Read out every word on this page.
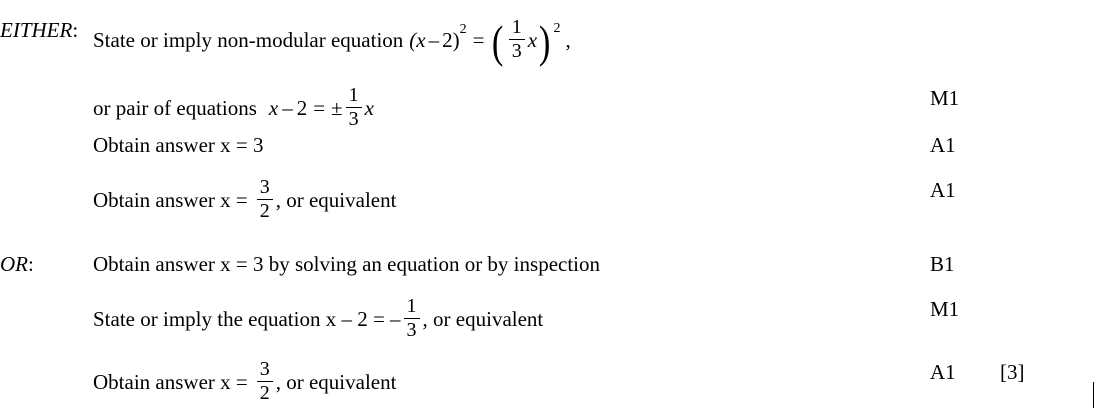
EITHER: State or imply non-modular equation (x – 2) 2 = ( $\frac{1}{3}$ x ) 2 ,
or pair of equations x – 2 = ± $\frac{1}{3}$ x	M1
Obtain answer x = 3	A1
Obtain answer $x = \frac{3}{2}$ , or equivalent	A1
OR:	Obtain answer x = 3 by solving an equation or by inspection	B1
State or imply the equation x – 2 = – $\frac{1}{3}$ , or equivalent	M1
Obtain answer $x = \frac{3}{2}$ , or equivalent	A1 [3]
